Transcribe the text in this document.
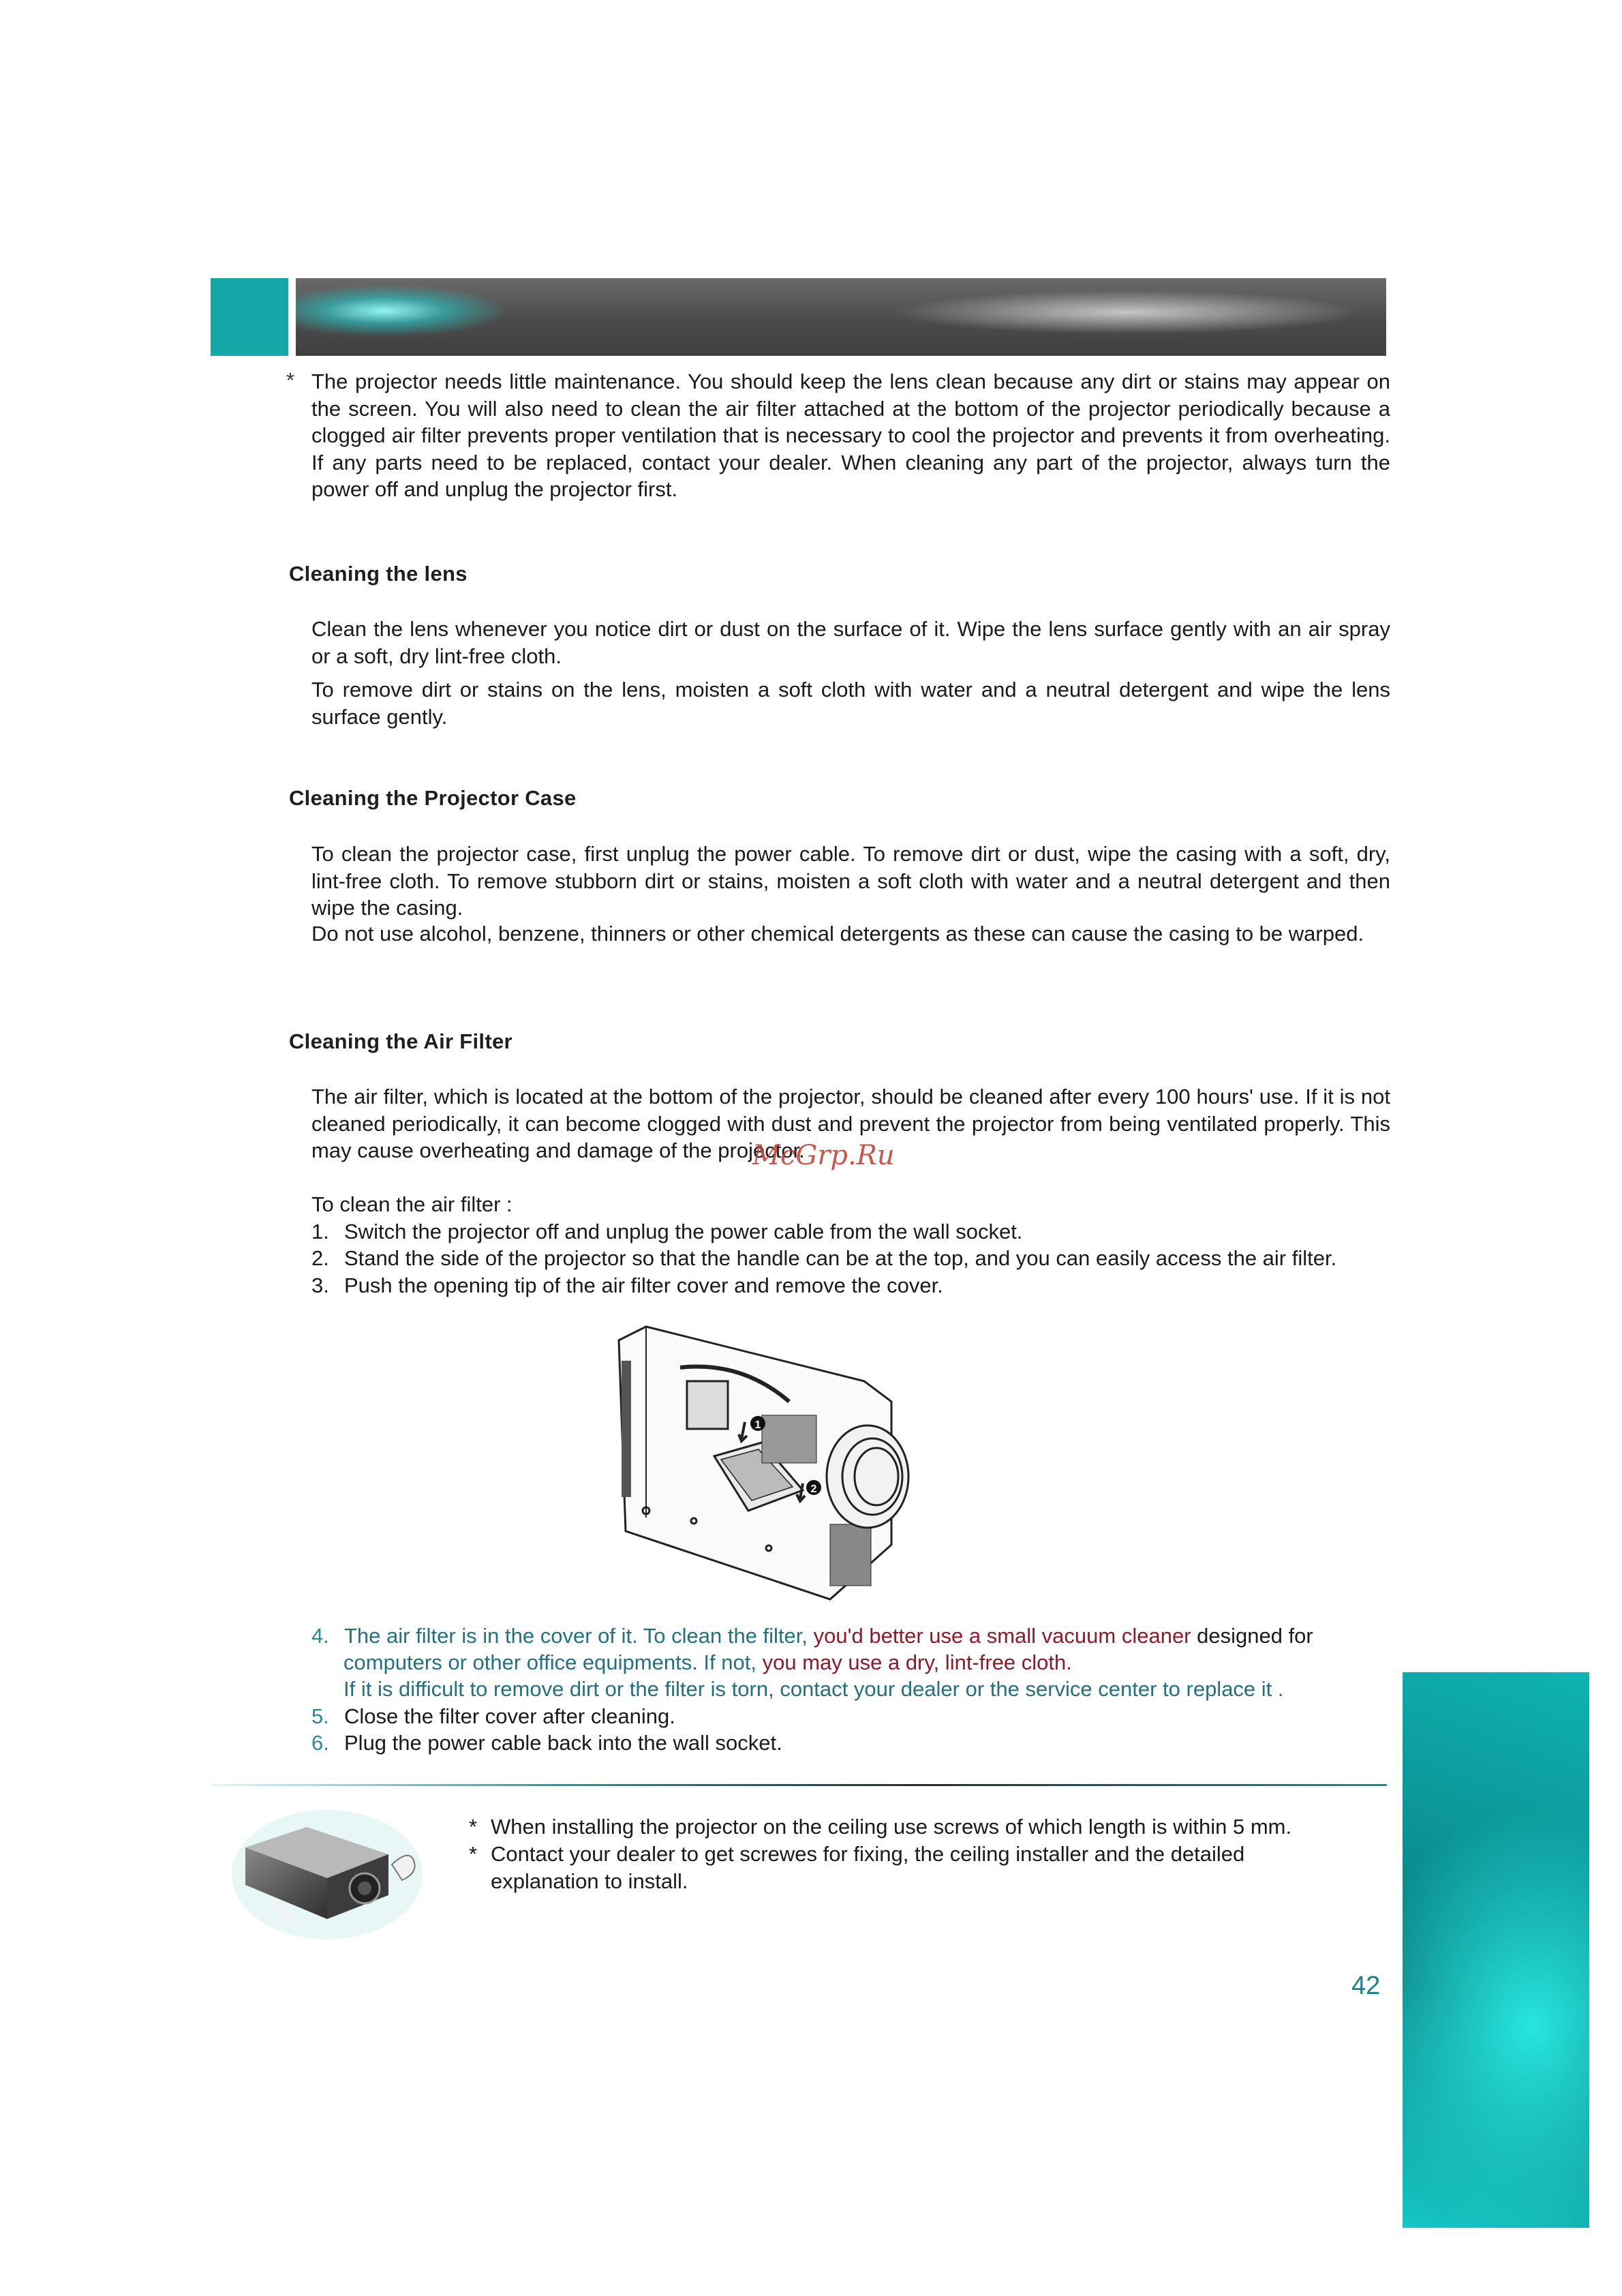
* The projector needs little maintenance. You should keep the lens clean because any dirt or stains may appear on the screen. You will also need to clean the air filter attached at the bottom of the projector periodically because a clogged air filter prevents proper ventilation that is necessary to cool the projector and prevents it from overheating. If any parts need to be replaced, contact your dealer. When cleaning any part of the projector, always turn the power off and unplug the projector first.
Cleaning the lens
Clean the lens whenever you notice dirt or dust on the surface of it. Wipe the lens surface gently with an air spray or a soft, dry lint-free cloth.
To remove dirt or stains on the lens, moisten a soft cloth with water and a neutral detergent and wipe the lens surface gently.
Cleaning the Projector Case
To clean the projector case, first unplug the power cable. To remove dirt or dust, wipe the casing with a soft, dry, lint-free cloth. To remove stubborn dirt or stains, moisten a soft cloth with water and a neutral detergent and then wipe the casing.
Do not use alcohol, benzene, thinners or other chemical detergents as these can cause the casing to be warped.
Cleaning the Air Filter
The air filter, which is located at the bottom of the projector, should be cleaned after every 100 hours' use. If it is not cleaned periodically, it can become clogged with dust and prevent the projector from being ventilated properly. This may cause overheating and damage of the projector.
To clean the air filter :
1. Switch the projector off and unplug the power cable from the wall socket.
2. Stand the side of the projector so that the handle can be at the top, and you can easily access the air filter.
3. Push the opening tip of the air filter cover and remove the cover.
McGrp.Ru
1
2
4. The air filter is in the cover of it. To clean the filter, you'd better use a small vacuum cleaner designed for
computers or other office equipments. If not, you may use a dry, lint-free cloth.
If it is difficult to remove dirt or the filter is torn, contact your dealer or the service center to replace it .
5. Close the filter cover after cleaning.
6. Plug the power cable back into the wall socket.
* When installing the projector on the ceiling use screws of which length is within 5 mm.
* Contact your dealer to get screwes for fixing, the ceiling installer and the detailed explanation to install.
42
